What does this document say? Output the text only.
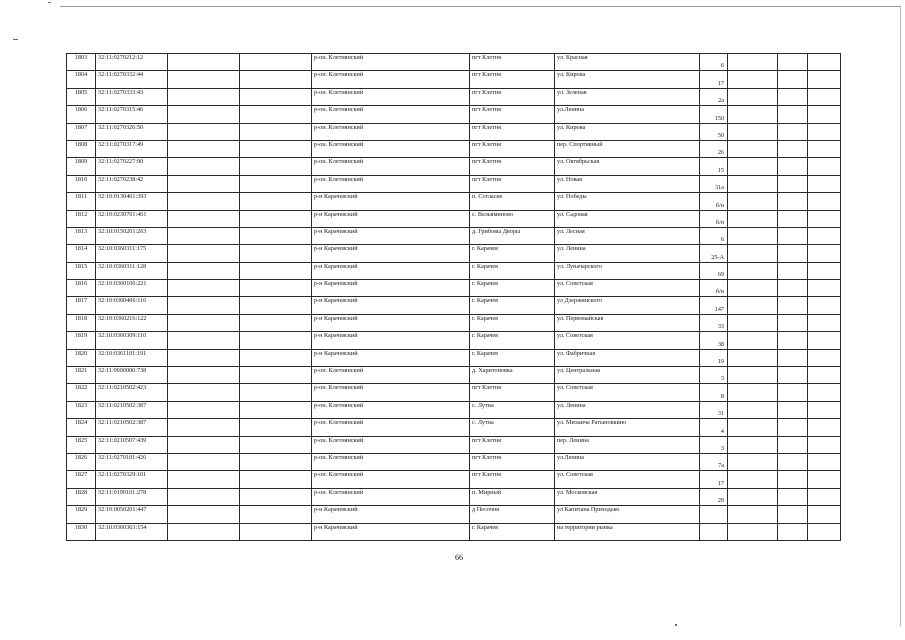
1803	32:11:0270212:12			р-он. Клетнянский	пгт Клетня	ул. Красная	6			
1804	32:11:0270332:44			р-он. Клетнянский	пгт Клетня	ул. Кирова	17			
1805	32:11:0270333:43			р-он. Клетнянский	пгт Клетня	ул. Зеленая	2а			
1806	32:11:0270315:46			р-он. Клетнянский	пгт Клетня	ул.Ленина	150			
1807	32:11:0270326:50			р-он. Клетнянский	пгт Клетня	ул. Кирова	50			
1808	32:11:0270317:49			р-он. Клетнянский	пгт Клетня	пер. Спортивный	26			
1809	32:11:0270227:90			р-он. Клетнянский	пгт Клетня	ул. Октябрьская	15			
1810	32:11:0270238:42			р-он. Клетнянский	пгт Клетня	ул. Новая	31а			
1811	32:10:0130401:393			р-н Карачевский	п. Согласие	ул. Победы	б/н			
1812	32:10:0230701:461			р-н Карачевский	с. Вельяминово	ул. Садовая	б/н			
1813	32:10:0150201:263			р-н Карачевский	д. Грибовы Дворы	ул. Лесная	6			
1814	32:10:0360311:175			р-н Карачевский	г. Карачев	ул. Ленина	25-А			
1815	32:10:0360311:128			р-н Карачевский	г. Карачев	ул. Луначарского	69			
1816	32:10:0360106:221			р-н Карачевский	г. Карачев	ул. Советская	б/н			
1817	32:10:0360406:116			р-н Карачевский	г. Карачев	ул Дзержинского	147			
1818	32:10:0360216:122			р-н Карачевский	г. Карачев	ул. Первомайская	33			
1819	32:10:0360309:110			р-н Карачевский	г. Карачев	ул. Советская	38			
1820	32:10:0361101:191			р-н Карачевский	г. Карачев	ул. Фабричная	19			
1821	32:11:0000000:738			р-он. Клетнянский	д. Харитоновка	ул. Центральная	3			
1822	32:11:0210502:423			р-он. Клетнянский	пгт Клетня	ул. Советская	8			
1823	32:11:0210502:387			р-он. Клетнянский	с. Лутна	ул. Ленина	31			
1824	32:11:0210502:387			р-он. Клетнянский	с. Лутна	ул. Михаича Ратыновкино	4			
1825	32:11:0210507:439			р-он. Клетнянский	пгт Клетня	пер. Ленина	3			
1826	32:11:0270101:426			р-он. Клетнянский	пгт Клетня	ул.Ленина	7а			
1827	32:11:0270329:101			р-он. Клетнянский	пгт Клетня	ул. Советская	17			
1828	32:11:0190101:278			р-он. Клетнянский	п. Мирный	ул. Московская	29			
1829	32:10:0050201:447			р-н.Карачевский	д Песочня	ул Капитана Приходько				
1830	32:10:0360363:154			р-н Карачевский	г. Карачев	на территории рынка				
66
